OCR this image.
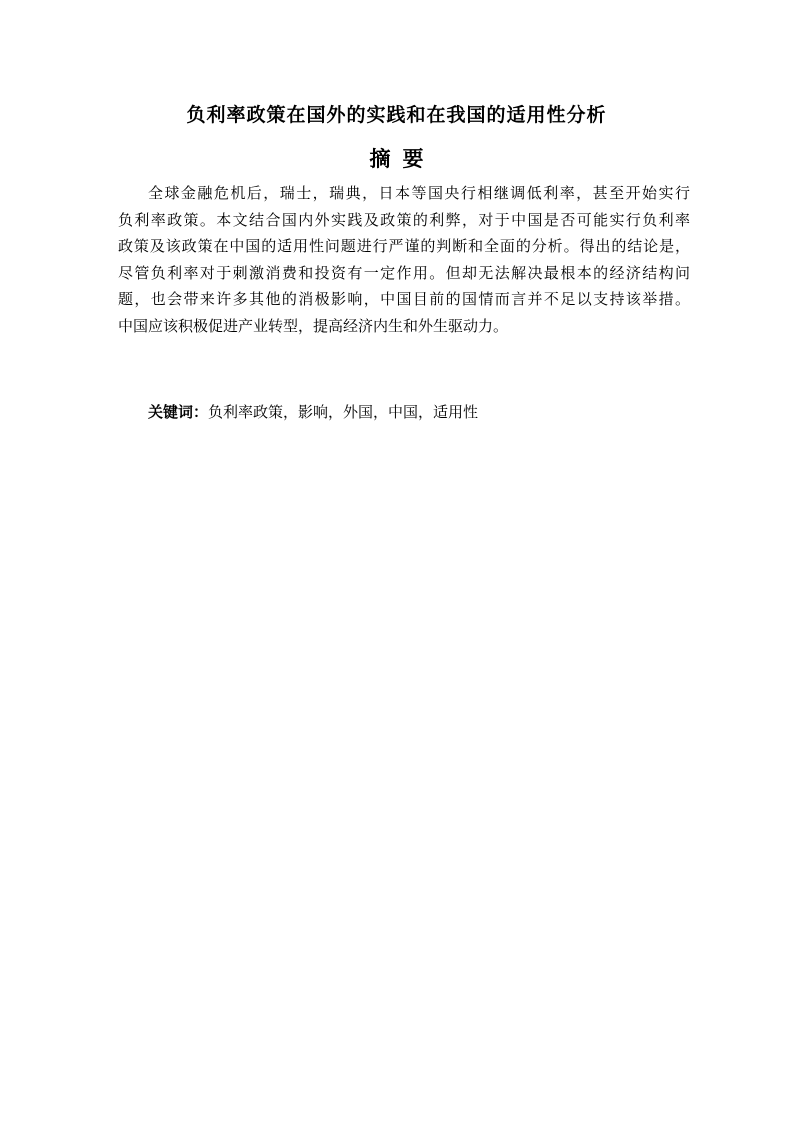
负利率政策在国外的实践和在我国的适用性分析
摘要
全球金融危机后，瑞士，瑞典，日本等国央行相继调低利率，甚至开始实行
负利率政策。本文结合国内外实践及政策的利弊，对于中国是否可能实行负利率
政策及该政策在中国的适用性问题进行严谨的判断和全面的分析。得出的结论是，
尽管负利率对于刺激消费和投资有一定作用。但却无法解决最根本的经济结构问
题，也会带来许多其他的消极影响，中国目前的国情而言并不足以支持该举措。
中国应该积极促进产业转型，提高经济内生和外生驱动力。
关键词：负利率政策，影响，外国，中国，适用性
